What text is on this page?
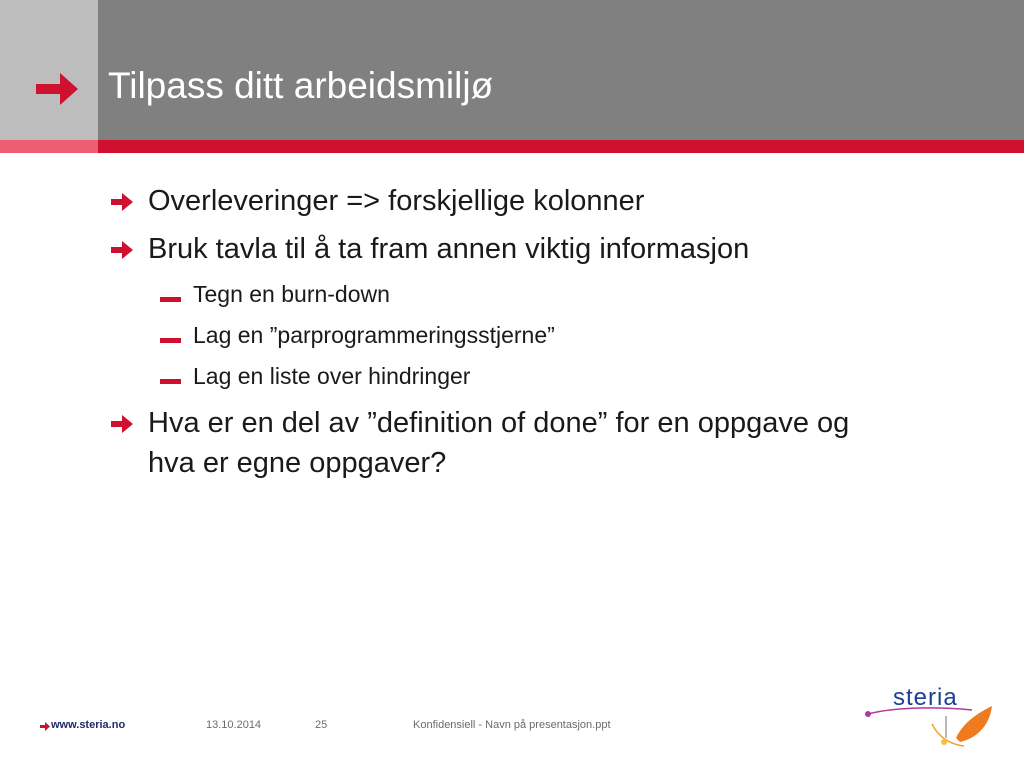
Tilpass ditt arbeidsmiljø
Overleveringer => forskjellige kolonner
Bruk tavla til å ta fram annen viktig informasjon
Tegn en burn-down
Lag en ”parprogrammeringsstjerne”
Lag en liste over hindringer
Hva er en del av ”definition of done” for en oppgave og
hva er egne oppgaver?
www.steria.no	13.10.2014	25	Konfidensiell - Navn på presentasjon.ppt
steria
